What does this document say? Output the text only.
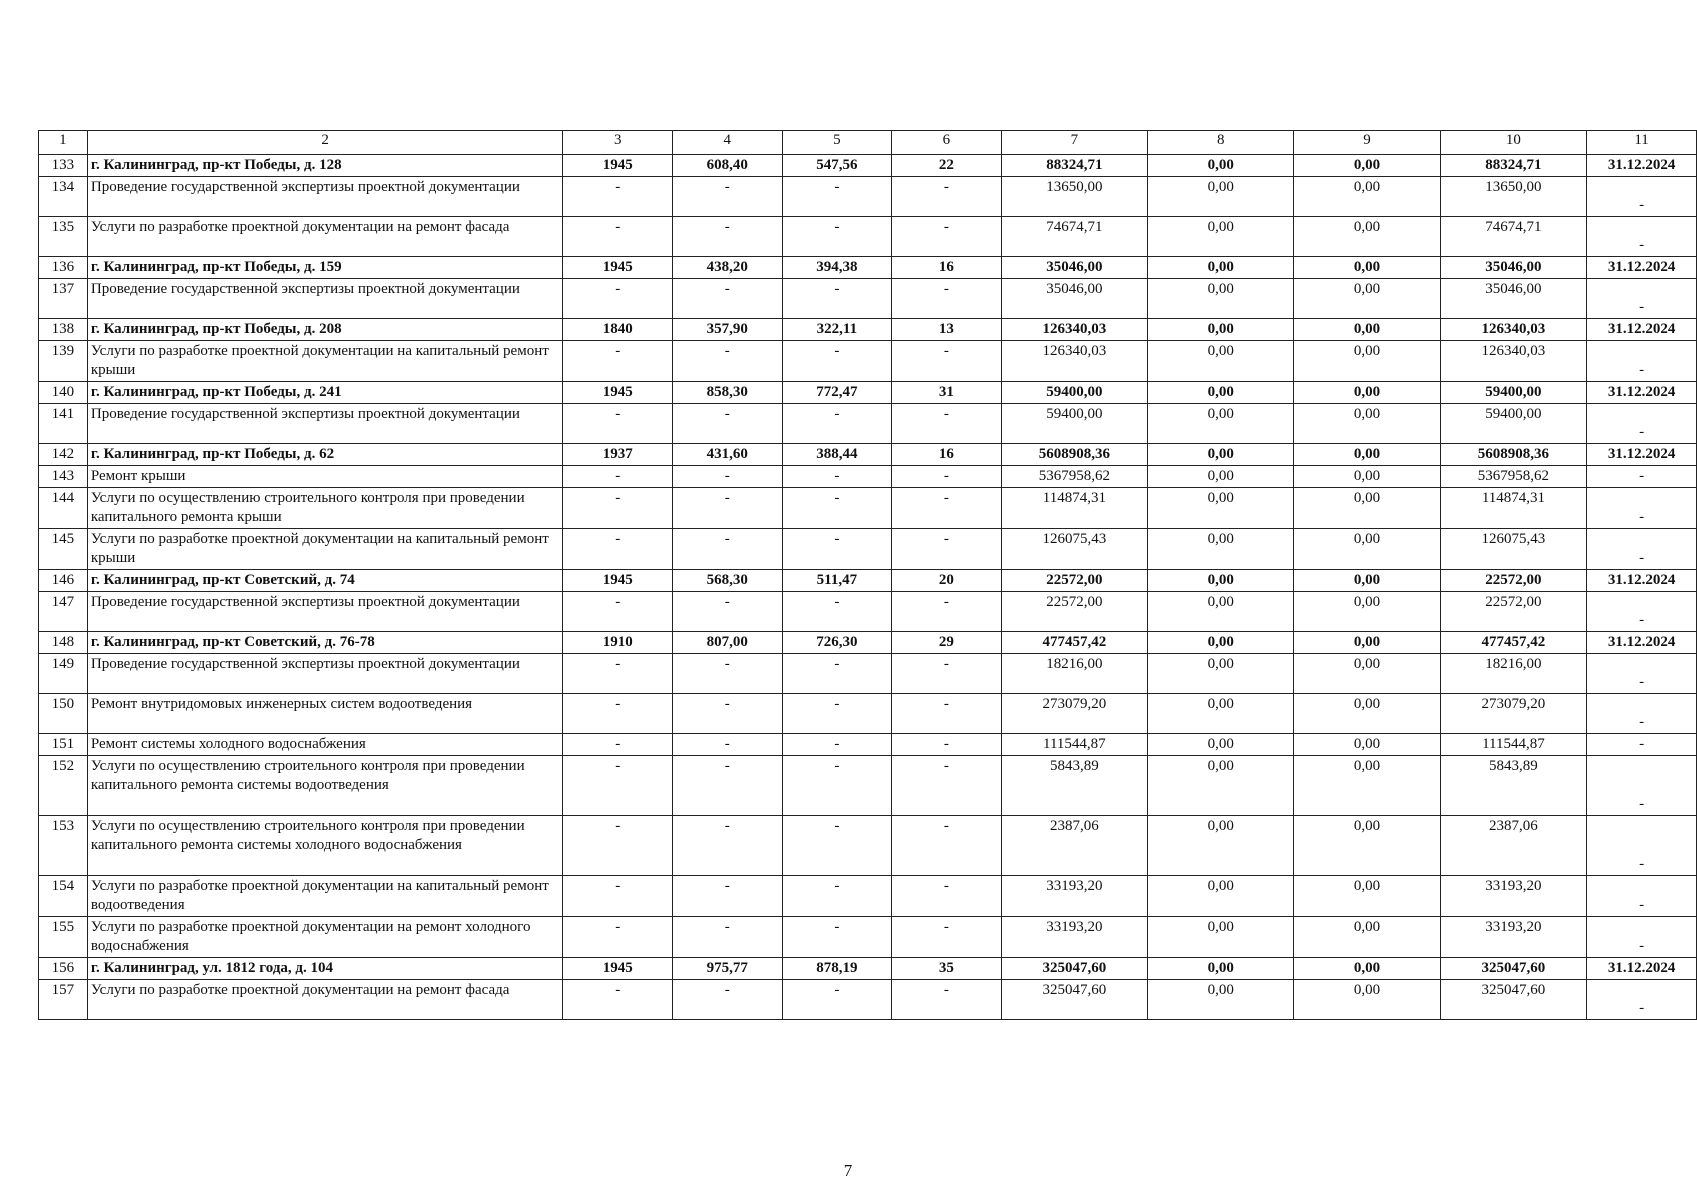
1	2	3	4	5	6	7	8	9	10	11
133	г. Калининград, пр-кт Победы, д. 128	1945	608,40	547,56	22	88324,71	0,00	0,00	88324,71	31.12.2024
134	Проведение государственной экспертизы проектной документации	-	-	-	-	13650,00	0,00	0,00	13650,00	-
135	Услуги по разработке проектной документации на ремонт фасада	-	-	-	-	74674,71	0,00	0,00	74674,71	-
136	г. Калининград, пр-кт Победы, д. 159	1945	438,20	394,38	16	35046,00	0,00	0,00	35046,00	31.12.2024
137	Проведение государственной экспертизы проектной документации	-	-	-	-	35046,00	0,00	0,00	35046,00	-
138	г. Калининград, пр-кт Победы, д. 208	1840	357,90	322,11	13	126340,03	0,00	0,00	126340,03	31.12.2024
139	Услуги по разработке проектной документации на капитальный ремонт крыши	-	-	-	-	126340,03	0,00	0,00	126340,03	-
140	г. Калининград, пр-кт Победы, д. 241	1945	858,30	772,47	31	59400,00	0,00	0,00	59400,00	31.12.2024
141	Проведение государственной экспертизы проектной документации	-	-	-	-	59400,00	0,00	0,00	59400,00	-
142	г. Калининград, пр-кт Победы, д. 62	1937	431,60	388,44	16	5608908,36	0,00	0,00	5608908,36	31.12.2024
143	Ремонт крыши	-	-	-	-	5367958,62	0,00	0,00	5367958,62	-
144	Услуги по осуществлению строительного контроля при проведении капитального ремонта крыши	-	-	-	-	114874,31	0,00	0,00	114874,31	-
145	Услуги по разработке проектной документации на капитальный ремонт крыши	-	-	-	-	126075,43	0,00	0,00	126075,43	-
146	г. Калининград, пр-кт Советский, д. 74	1945	568,30	511,47	20	22572,00	0,00	0,00	22572,00	31.12.2024
147	Проведение государственной экспертизы проектной документации	-	-	-	-	22572,00	0,00	0,00	22572,00	-
148	г. Калининград, пр-кт Советский, д. 76-78	1910	807,00	726,30	29	477457,42	0,00	0,00	477457,42	31.12.2024
149	Проведение государственной экспертизы проектной документации	-	-	-	-	18216,00	0,00	0,00	18216,00	-
150	Ремонт внутридомовых инженерных систем водоотведения	-	-	-	-	273079,20	0,00	0,00	273079,20	-
151	Ремонт системы холодного водоснабжения	-	-	-	-	111544,87	0,00	0,00	111544,87	-
152	Услуги по осуществлению строительного контроля при проведении капитального ремонта системы водоотведения	-	-	-	-	5843,89	0,00	0,00	5843,89	-
153	Услуги по осуществлению строительного контроля при проведении капитального ремонта системы холодного водоснабжения	-	-	-	-	2387,06	0,00	0,00	2387,06	-
154	Услуги по разработке проектной документации на капитальный ремонт водоотведения	-	-	-	-	33193,20	0,00	0,00	33193,20	-
155	Услуги по разработке проектной документации на ремонт холодного водоснабжения	-	-	-	-	33193,20	0,00	0,00	33193,20	-
156	г. Калининград, ул. 1812 года, д. 104	1945	975,77	878,19	35	325047,60	0,00	0,00	325047,60	31.12.2024
157	Услуги по разработке проектной документации на ремонт фасада	-	-	-	-	325047,60	0,00	0,00	325047,60	-
7
